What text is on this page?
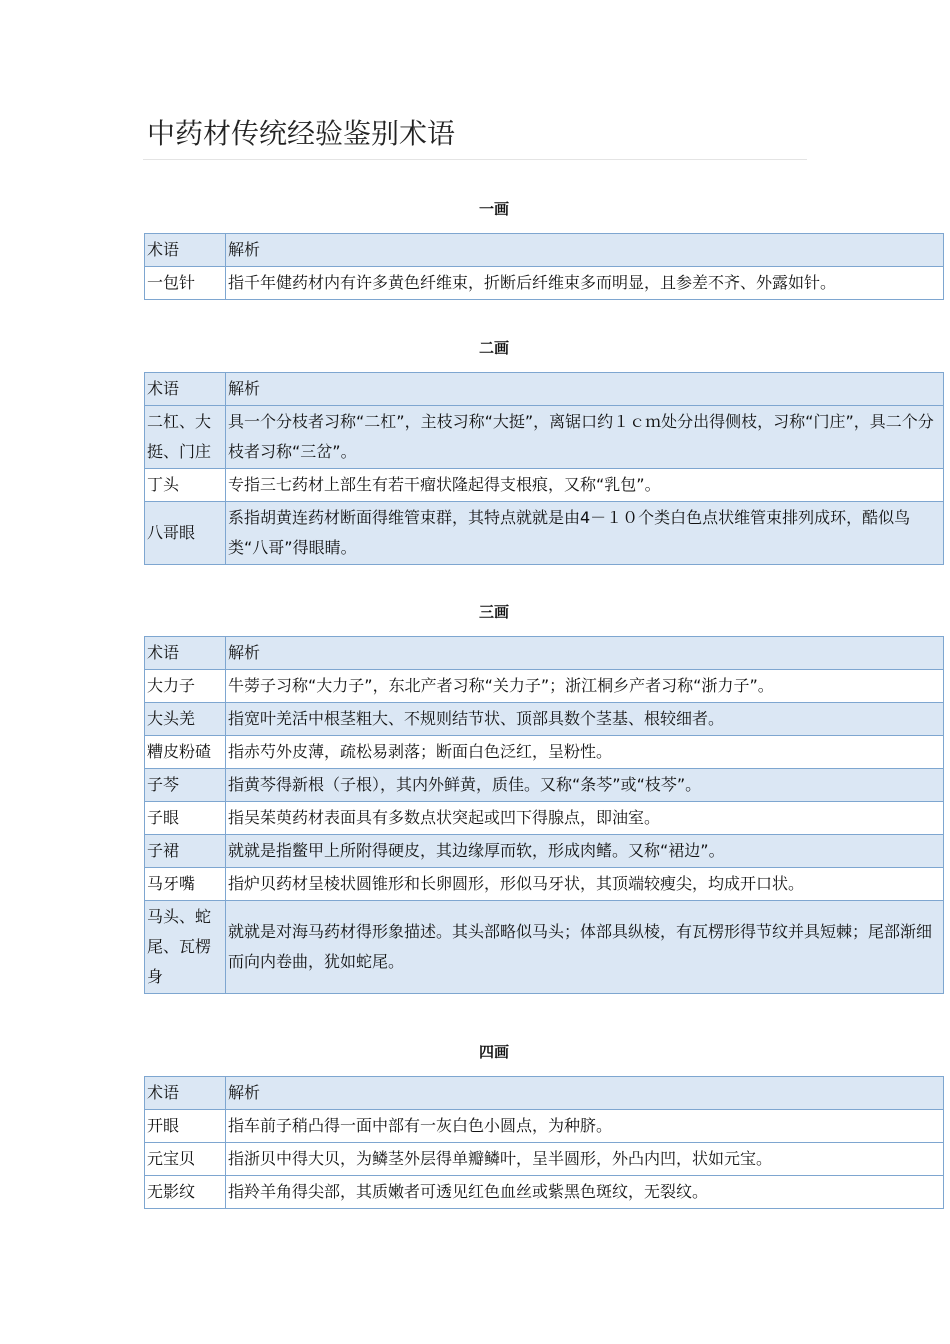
中药材传统经验鉴别术语
一画
术语	解析
一包针	指千年健药材内有许多黄色纤维束，折断后纤维束多而明显，且参差不齐、外露如针。
二画
术语	解析
二杠、大挺、门庄	具一个分枝者习称“二杠”，主枝习称“大挺”，离锯口约１ｃｍ处分出得侧枝，习称“门庄”，具二个分枝者习称“三岔”。
丁头	专指三七药材上部生有若干瘤状隆起得支根痕，又称“乳包”。
八哥眼	系指胡黄连药材断面得维管束群，其特点就就是由4－１０个类白色点状维管束排列成环，酷似鸟类“八哥”得眼睛。
三画
术语	解析
大力子	牛蒡子习称“大力子”，东北产者习称“关力子”；浙江桐乡产者习称“浙力子”。
大头羌	指宽叶羌活中根茎粗大、不规则结节状、顶部具数个茎基、根较细者。
糟皮粉碴	指赤芍外皮薄，疏松易剥落；断面白色泛红，呈粉性。
子芩	指黄芩得新根（子根），其内外鲜黄，质佳。又称“条芩”或“枝芩”。
子眼	指吴茱萸药材表面具有多数点状突起或凹下得腺点，即油室。
子裙	就就是指鳖甲上所附得硬皮，其边缘厚而软，形成肉鳍。又称“裙边”。
马牙嘴	指炉贝药材呈棱状圆锥形和长卵圆形，形似马牙状，其顶端较瘦尖，均成开口状。
马头、蛇尾、瓦楞身	就就是对海马药材得形象描述。其头部略似马头；体部具纵棱，有瓦楞形得节纹并具短棘；尾部渐细而向内卷曲，犹如蛇尾。
四画
术语	解析
开眼	指车前子稍凸得一面中部有一灰白色小圆点，为种脐。
元宝贝	指浙贝中得大贝，为鳞茎外层得单瓣鳞叶，呈半圆形，外凸内凹，状如元宝。
无影纹	指羚羊角得尖部，其质嫩者可透见红色血丝或紫黑色斑纹，无裂纹。
